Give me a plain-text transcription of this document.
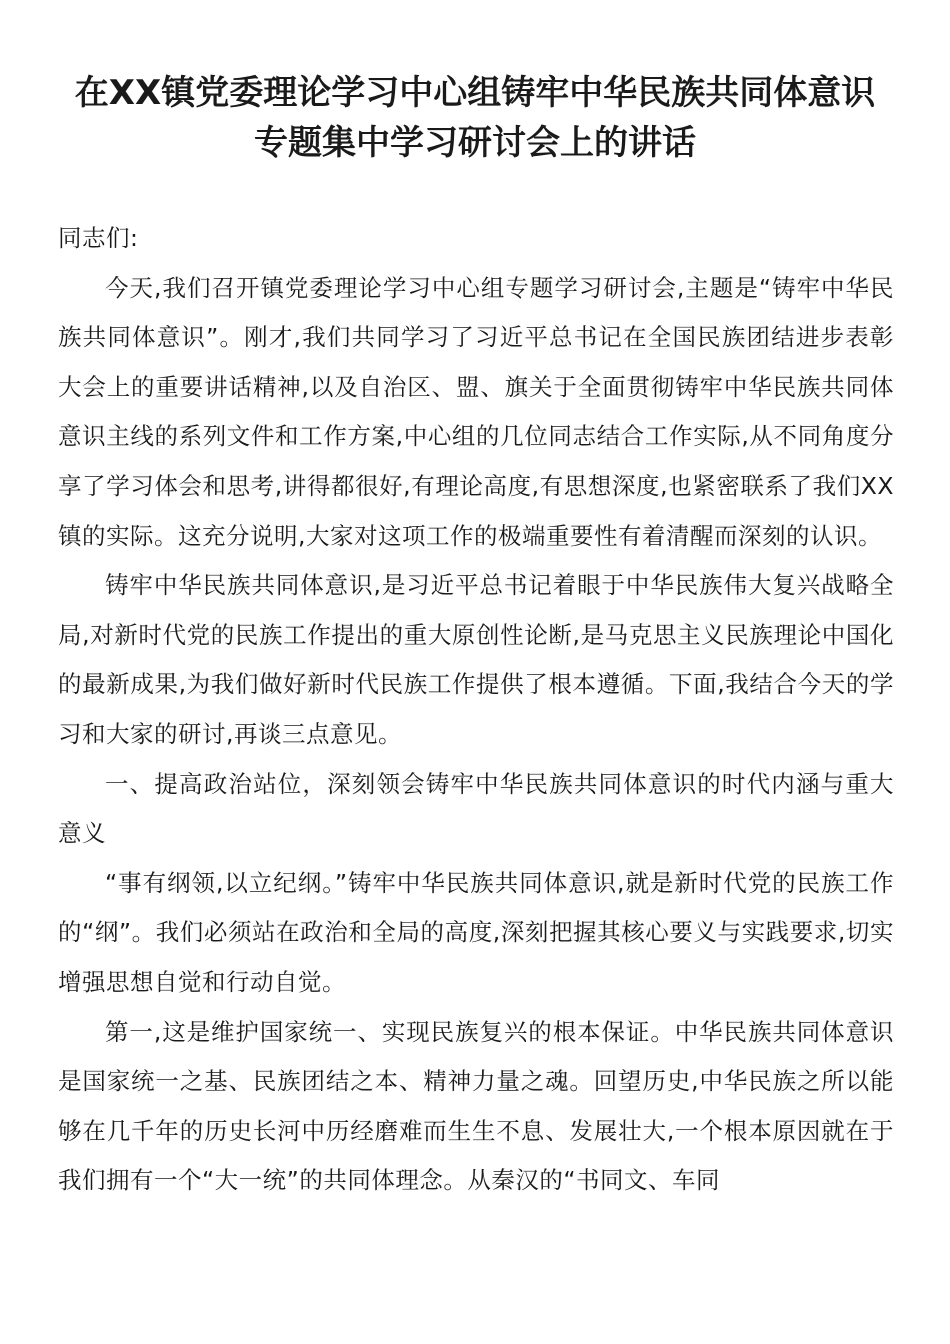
在XX镇党委理论学习中心组铸牢中华民族共同体意识
专题集中学习研讨会上的讲话

同志们:

今天,我们召开镇党委理论学习中心组专题学习研讨会,主题是“铸牢中华民族共同体意识”。刚才,我们共同学习了习近平总书记在全国民族团结进步表彰大会上的重要讲话精神,以及自治区、盟、旗关于全面贯彻铸牢中华民族共同体意识主线的系列文件和工作方案,中心组的几位同志结合工作实际,从不同角度分享了学习体会和思考,讲得都很好,有理论高度,有思想深度,也紧密联系了我们XX镇的实际。这充分说明,大家对这项工作的极端重要性有着清醒而深刻的认识。

铸牢中华民族共同体意识,是习近平总书记着眼于中华民族伟大复兴战略全局,对新时代党的民族工作提出的重大原创性论断,是马克思主义民族理论中国化的最新成果,为我们做好新时代民族工作提供了根本遵循。下面,我结合今天的学习和大家的研讨,再谈三点意见。

一、提高政治站位，深刻领会铸牢中华民族共同体意识的时代内涵与重大意义

“事有纲领,以立纪纲。”铸牢中华民族共同体意识,就是新时代党的民族工作的“纲”。我们必须站在政治和全局的高度,深刻把握其核心要义与实践要求,切实增强思想自觉和行动自觉。

第一,这是维护国家统一、实现民族复兴的根本保证。中华民族共同体意识是国家统一之基、民族团结之本、精神力量之魂。回望历史,中华民族之所以能够在几千年的历史长河中历经磨难而生生不息、发展壮大,一个根本原因就在于我们拥有一个“大一统”的共同体理念。从秦汉的“书同文、车同
